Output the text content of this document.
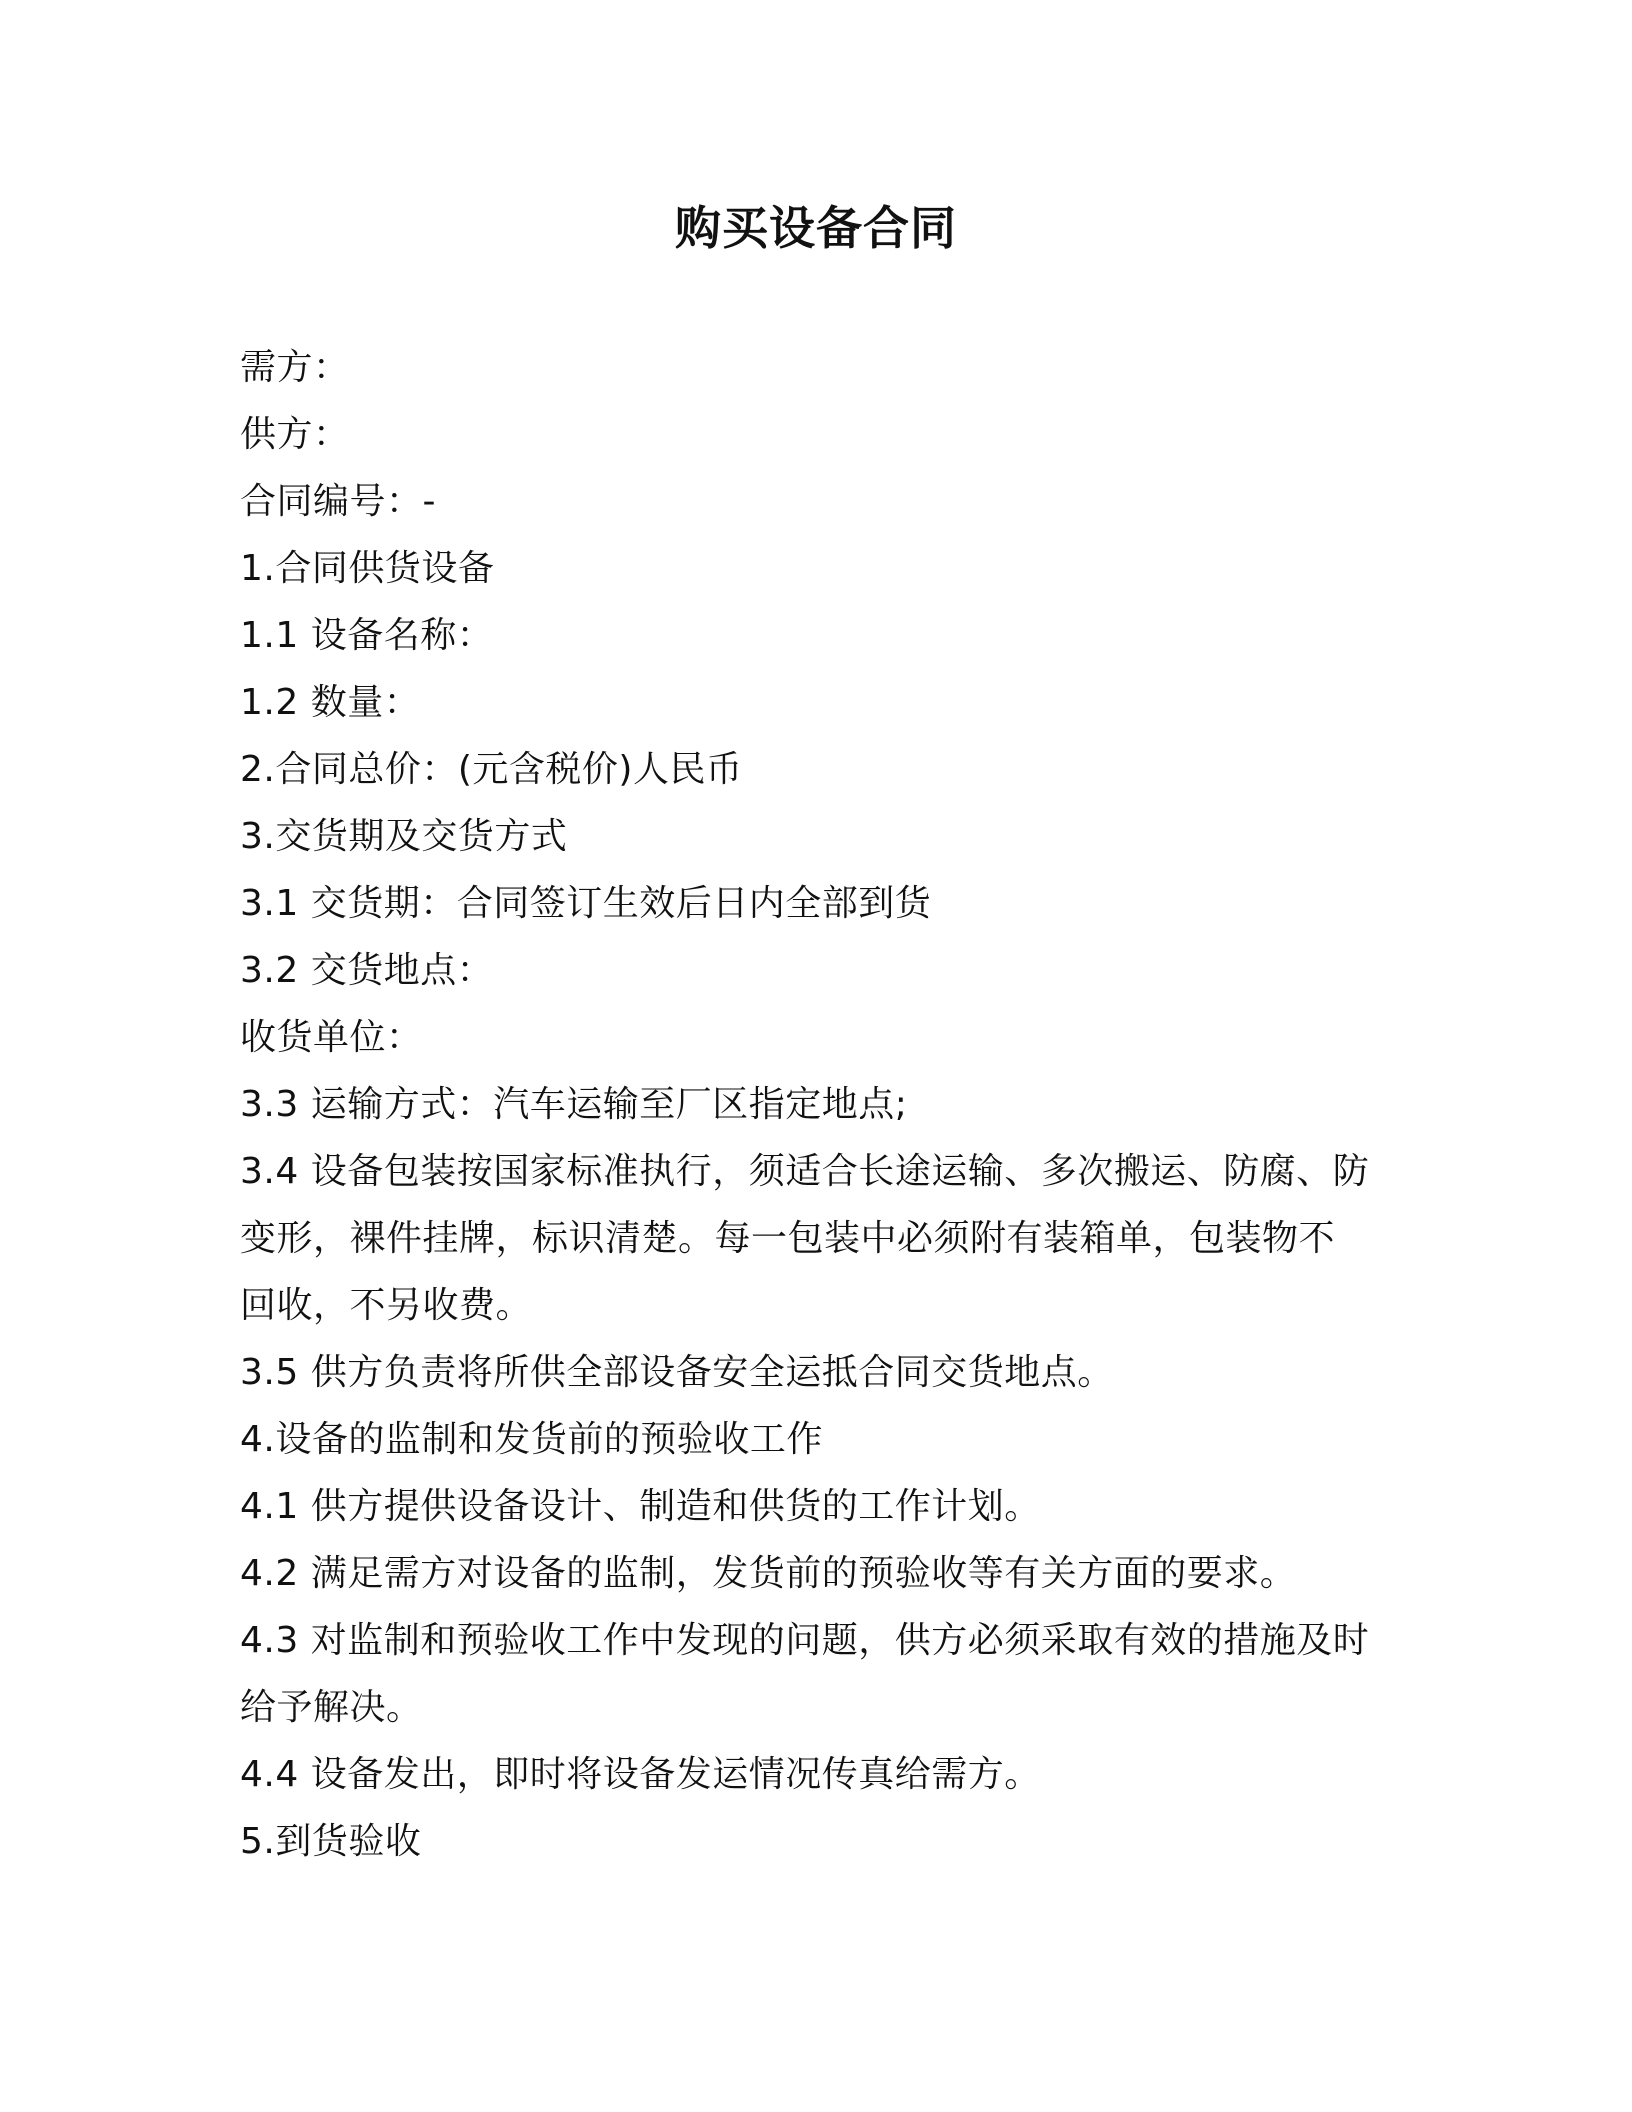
购买设备合同
需方：
供方：
合同编号：-
1.合同供货设备
1.1 设备名称：
1.2 数量：
2.合同总价：(元含税价)人民币
3.交货期及交货方式
3.1 交货期：合同签订生效后日内全部到货
3.2 交货地点：
收货单位：
3.3 运输方式：汽车运输至厂区指定地点;
3.4 设备包装按国家标准执行，须适合长途运输、多次搬运、防腐、防
变形，裸件挂牌，标识清楚。每一包装中必须附有装箱单，包装物不
回收，不另收费。
3.5 供方负责将所供全部设备安全运抵合同交货地点。
4.设备的监制和发货前的预验收工作
4.1 供方提供设备设计、制造和供货的工作计划。
4.2 满足需方对设备的监制，发货前的预验收等有关方面的要求。
4.3 对监制和预验收工作中发现的问题，供方必须采取有效的措施及时
给予解决。
4.4 设备发出，即时将设备发运情况传真给需方。
5.到货验收
